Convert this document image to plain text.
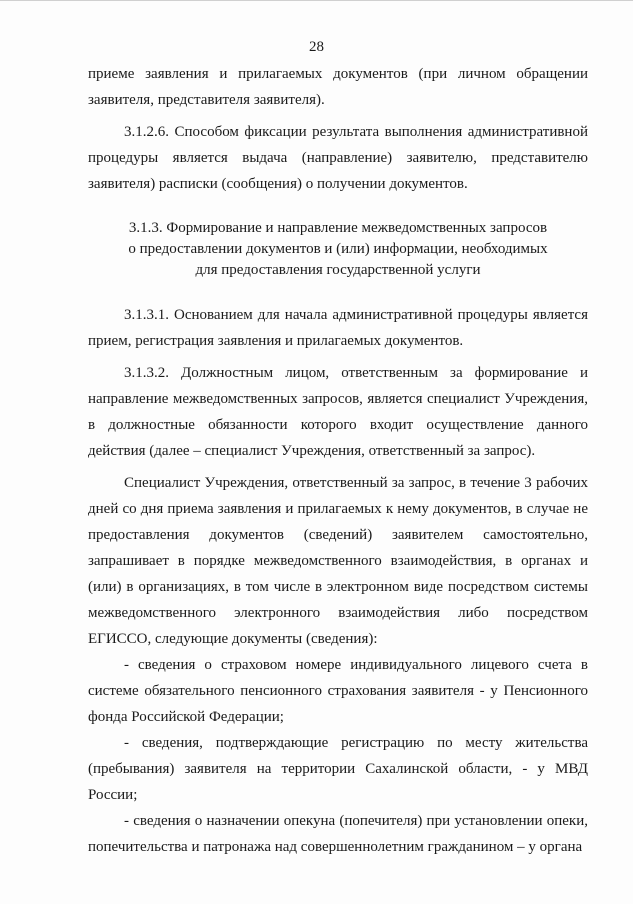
28

приеме заявления и прилагаемых документов (при личном обращении заявителя, представителя заявителя).

3.1.2.6. Способом фиксации результата выполнения административной процедуры является выдача (направление) заявителю, представителю заявителя) расписки (сообщения) о получении документов.

3.1.3. Формирование и направление межведомственных запросов
о предоставлении документов и (или) информации, необходимых
для предоставления государственной услуги

3.1.3.1. Основанием для начала административной процедуры является прием, регистрация заявления и прилагаемых документов.

3.1.3.2. Должностным лицом, ответственным за формирование и направление межведомственных запросов, является специалист Учреждения, в должностные обязанности которого входит осуществление данного действия (далее – специалист Учреждения, ответственный за запрос).

Специалист Учреждения, ответственный за запрос, в течение 3 рабочих дней со дня приема заявления и прилагаемых к нему документов, в случае не предоставления документов (сведений) заявителем самостоятельно, запрашивает в порядке межведомственного взаимодействия, в органах и (или) в организациях, в том числе в электронном виде посредством системы межведомственного электронного взаимодействия либо посредством ЕГИССО, следующие документы (сведения):

- сведения о страховом номере индивидуального лицевого счета в системе обязательного пенсионного страхования заявителя - у Пенсионного фонда Российской Федерации;

- сведения, подтверждающие регистрацию по месту жительства (пребывания) заявителя на территории Сахалинской области, - у МВД России;

- сведения о назначении опекуна (попечителя) при установлении опеки, попечительства и патронажа над совершеннолетним гражданином – у органа
